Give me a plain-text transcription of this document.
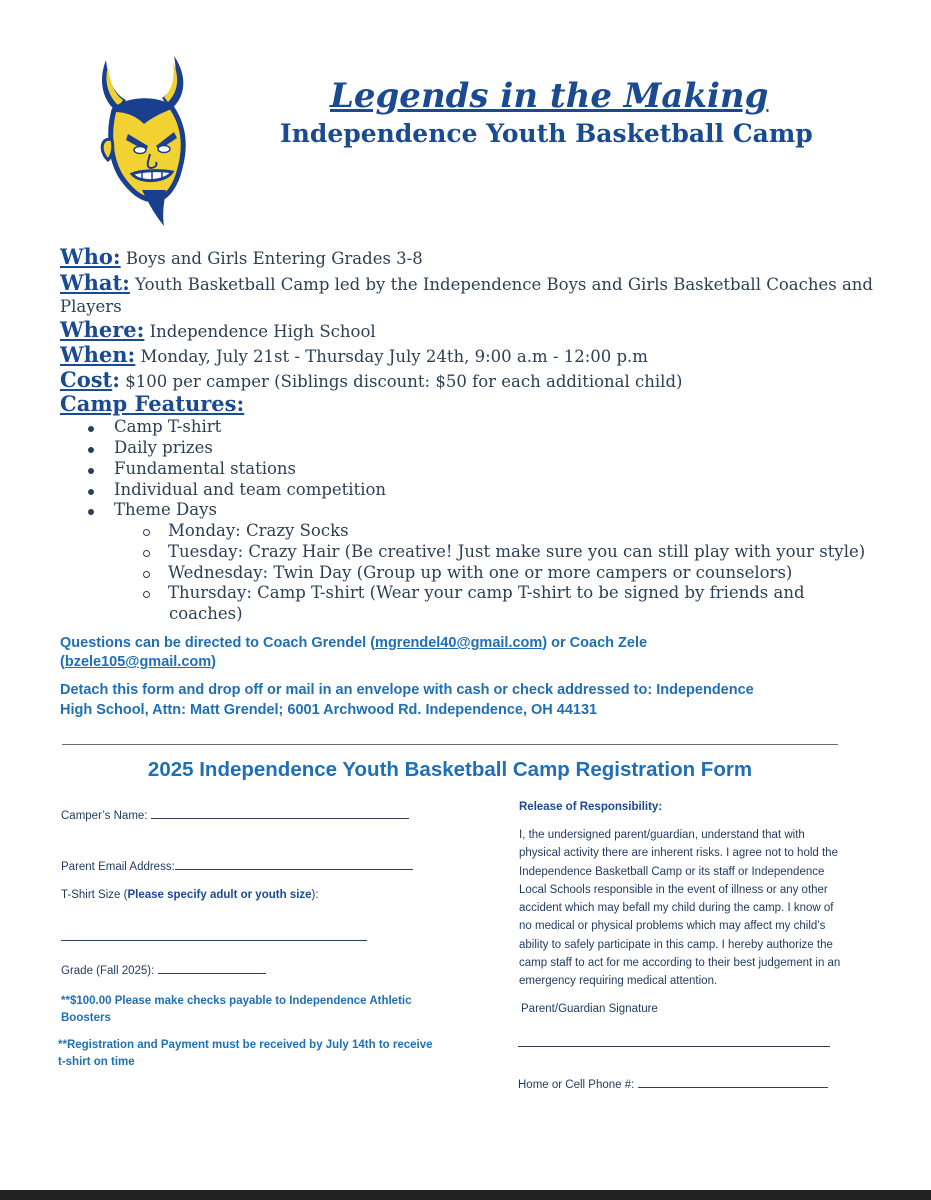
Legends in the Making
Independence Youth Basketball Camp
Who: Boys and Girls Entering Grades 3-8
What: Youth Basketball Camp led by the Independence Boys and Girls Basketball Coaches and
Players
Where: Independence High School
When: Monday, July 21st - Thursday July 24th, 9:00 a.m - 12:00 p.m
Cost: $100 per camper (Siblings discount: $50 for each additional child)
Camp Features:
Camp T-shirt
Daily prizes
Fundamental stations
Individual and team competition
Theme Days
Monday: Crazy Socks
Tuesday: Crazy Hair (Be creative! Just make sure you can still play with your style)
Wednesday: Twin Day (Group up with one or more campers or counselors)
Thursday: Camp T-shirt (Wear your camp T-shirt to be signed by friends and
coaches)
Questions can be directed to Coach Grendel (mgrendel40@gmail.com) or Coach Zele
(bzele105@gmail.com)
Detach this form and drop off or mail in an envelope with cash or check addressed to: Independence
High School, Attn: Matt Grendel; 6001 Archwood Rd. Independence, OH 44131
2025 Independence Youth Basketball Camp Registration Form
Camper’s Name:
Parent Email Address:
T-Shirt Size (Please specify adult or youth size):
Grade (Fall 2025):
**$100.00 Please make checks payable to Independence Athletic
Boosters
**Registration and Payment must be received by July 14th to receive
t-shirt on time
Release of Responsibility:
I, the undersigned parent/guardian, understand that with
physical activity there are inherent risks. I agree not to hold the
Independence Basketball Camp or its staff or Independence
Local Schools responsible in the event of illness or any other
accident which may befall my child during the camp. I know of
no medical or physical problems which may affect my child’s
ability to safely participate in this camp. I hereby authorize the
camp staff to act for me according to their best judgement in an
emergency requiring medical attention.
Parent/Guardian Signature
Home or Cell Phone #:
